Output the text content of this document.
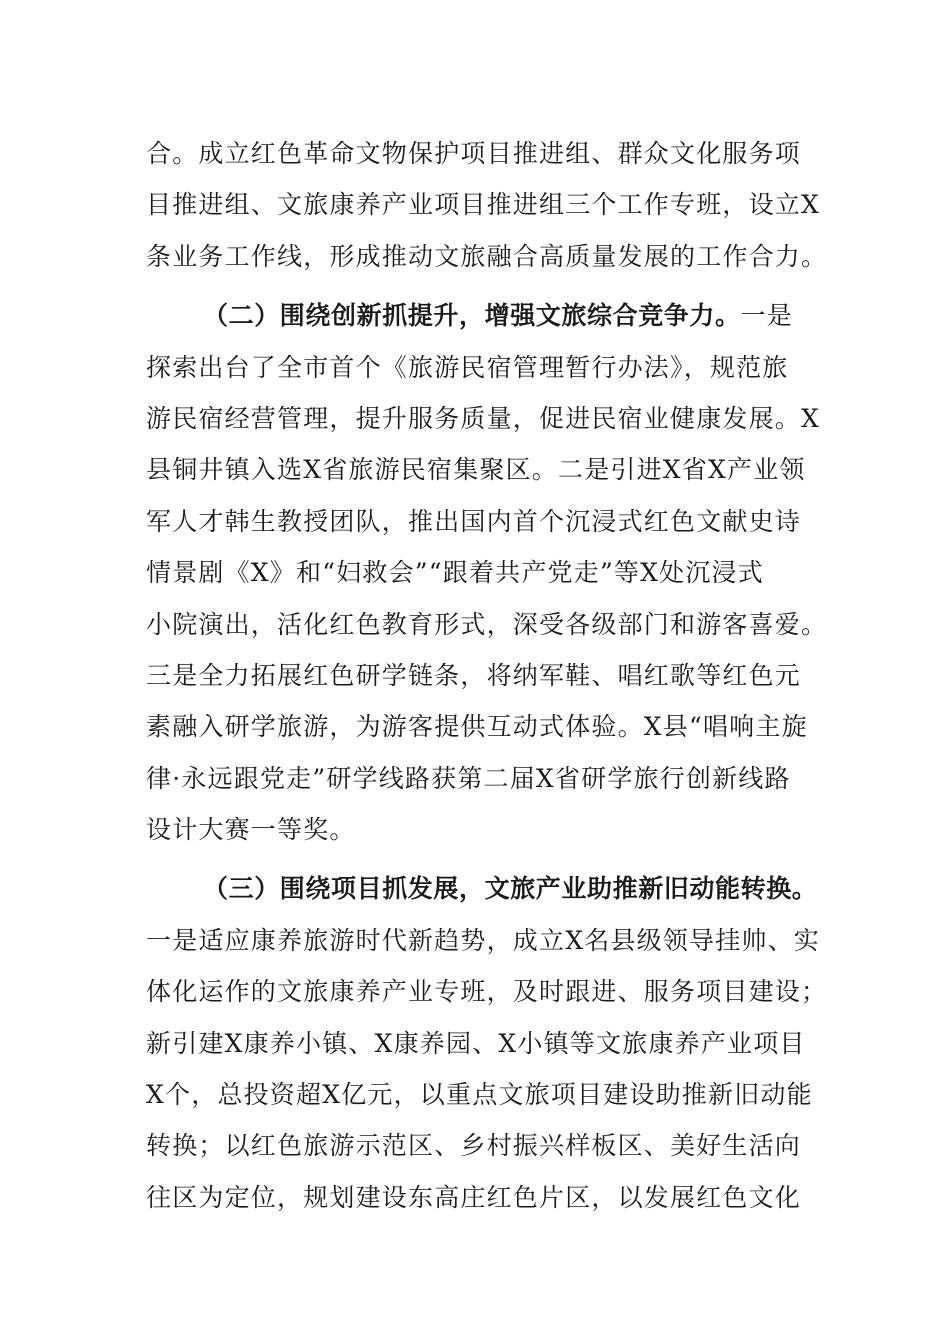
合。成立红色革命文物保护项目推进组、群众文化服务项
目推进组、文旅康养产业项目推进组三个工作专班，设立X
条业务工作线，形成推动文旅融合高质量发展的工作合力。
（二）围绕创新抓提升，增强文旅综合竞争力。一是
探索出台了全市首个《旅游民宿管理暂行办法》，规范旅
游民宿经营管理，提升服务质量，促进民宿业健康发展。X
县铜井镇入选X省旅游民宿集聚区。二是引进X省X产业领
军人才韩生教授团队，推出国内首个沉浸式红色文献史诗
情景剧《X》和“妇救会”“跟着共产党走”等X处沉浸式
小院演出，活化红色教育形式，深受各级部门和游客喜爱。
三是全力拓展红色研学链条，将纳军鞋、唱红歌等红色元
素融入研学旅游，为游客提供互动式体验。X县“唱响主旋
律·永远跟党走”研学线路获第二届X省研学旅行创新线路
设计大赛一等奖。
（三）围绕项目抓发展，文旅产业助推新旧动能转换。
一是适应康养旅游时代新趋势，成立X名县级领导挂帅、实
体化运作的文旅康养产业专班，及时跟进、服务项目建设；
新引建X康养小镇、X康养园、X小镇等文旅康养产业项目
X个，总投资超X亿元，以重点文旅项目建设助推新旧动能
转换；以红色旅游示范区、乡村振兴样板区、美好生活向
往区为定位，规划建设东高庄红色片区，以发展红色文化
